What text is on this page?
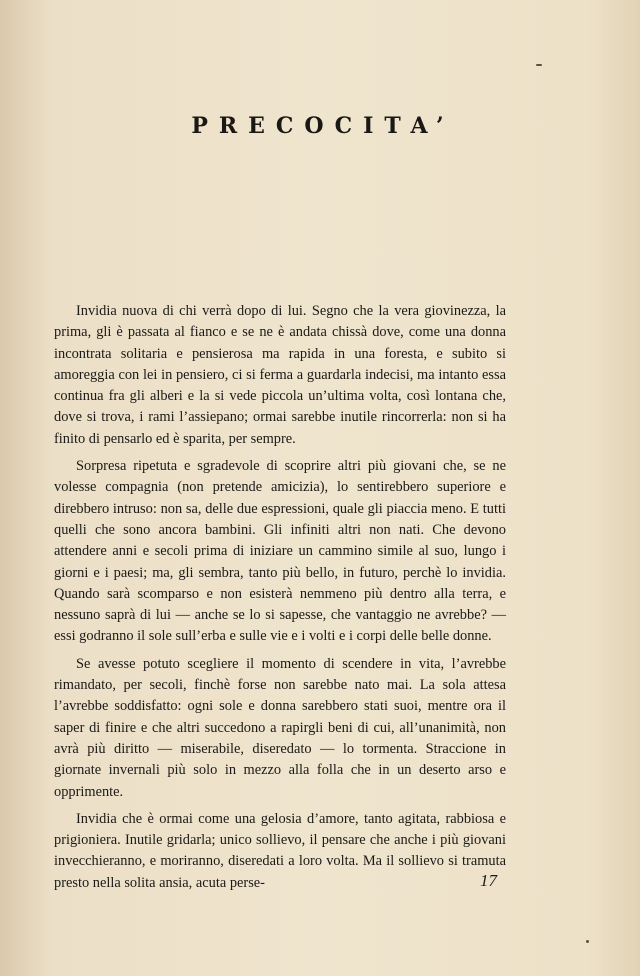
PRECOCITA’

Invidia nuova di chi verrà dopo di lui. Segno che la vera giovinezza, la prima, gli è passata al fianco e se ne è andata chissà dove, come una donna incontrata solitaria e pensierosa ma rapida in una foresta, e subito si amoreggia con lei in pensiero, ci si ferma a guardarla indecisi, ma intanto essa continua fra gli alberi e la si vede piccola un’ultima volta, così lontana che, dove si trova, i rami l’assiepano; ormai sarebbe inutile rincorrerla: non si ha finito di pensarlo ed è sparita, per sempre.

Sorpresa ripetuta e sgradevole di scoprire altri più giovani che, se ne volesse compagnia (non pretende amicizia), lo sentirebbero superiore e direbbero intruso: non sa, delle due espressioni, quale gli piaccia meno. E tutti quelli che sono ancora bambini. Gli infiniti altri non nati. Che devono attendere anni e secoli prima di iniziare un cammino simile al suo, lungo i giorni e i paesi; ma, gli sembra, tanto più bello, in futuro, perchè lo invidia. Quando sarà scomparso e non esisterà nemmeno più dentro alla terra, e nessuno saprà di lui — anche se lo si sapesse, che vantaggio ne avrebbe? — essi godranno il sole sull’erba e sulle vie e i volti e i corpi delle belle donne.

Se avesse potuto scegliere il momento di scendere in vita, l’avrebbe rimandato, per secoli, finchè forse non sarebbe nato mai. La sola attesa l’avrebbe soddisfatto: ogni sole e donna sarebbero stati suoi, mentre ora il saper di finire e che altri succedono a rapirgli beni di cui, all’unanimità, non avrà più diritto — miserabile, diseredato — lo tormenta. Straccione in giornate invernali più solo in mezzo alla folla che in un deserto arso e opprimente.

Invidia che è ormai come una gelosia d’amore, tanto agitata, rabbiosa e prigioniera. Inutile gridarla; unico sollievo, il pensare che anche i più giovani invecchieranno, e moriranno, diseredati a loro volta. Ma il sollievo si tramuta presto nella solita ansia, acuta perse-	17
